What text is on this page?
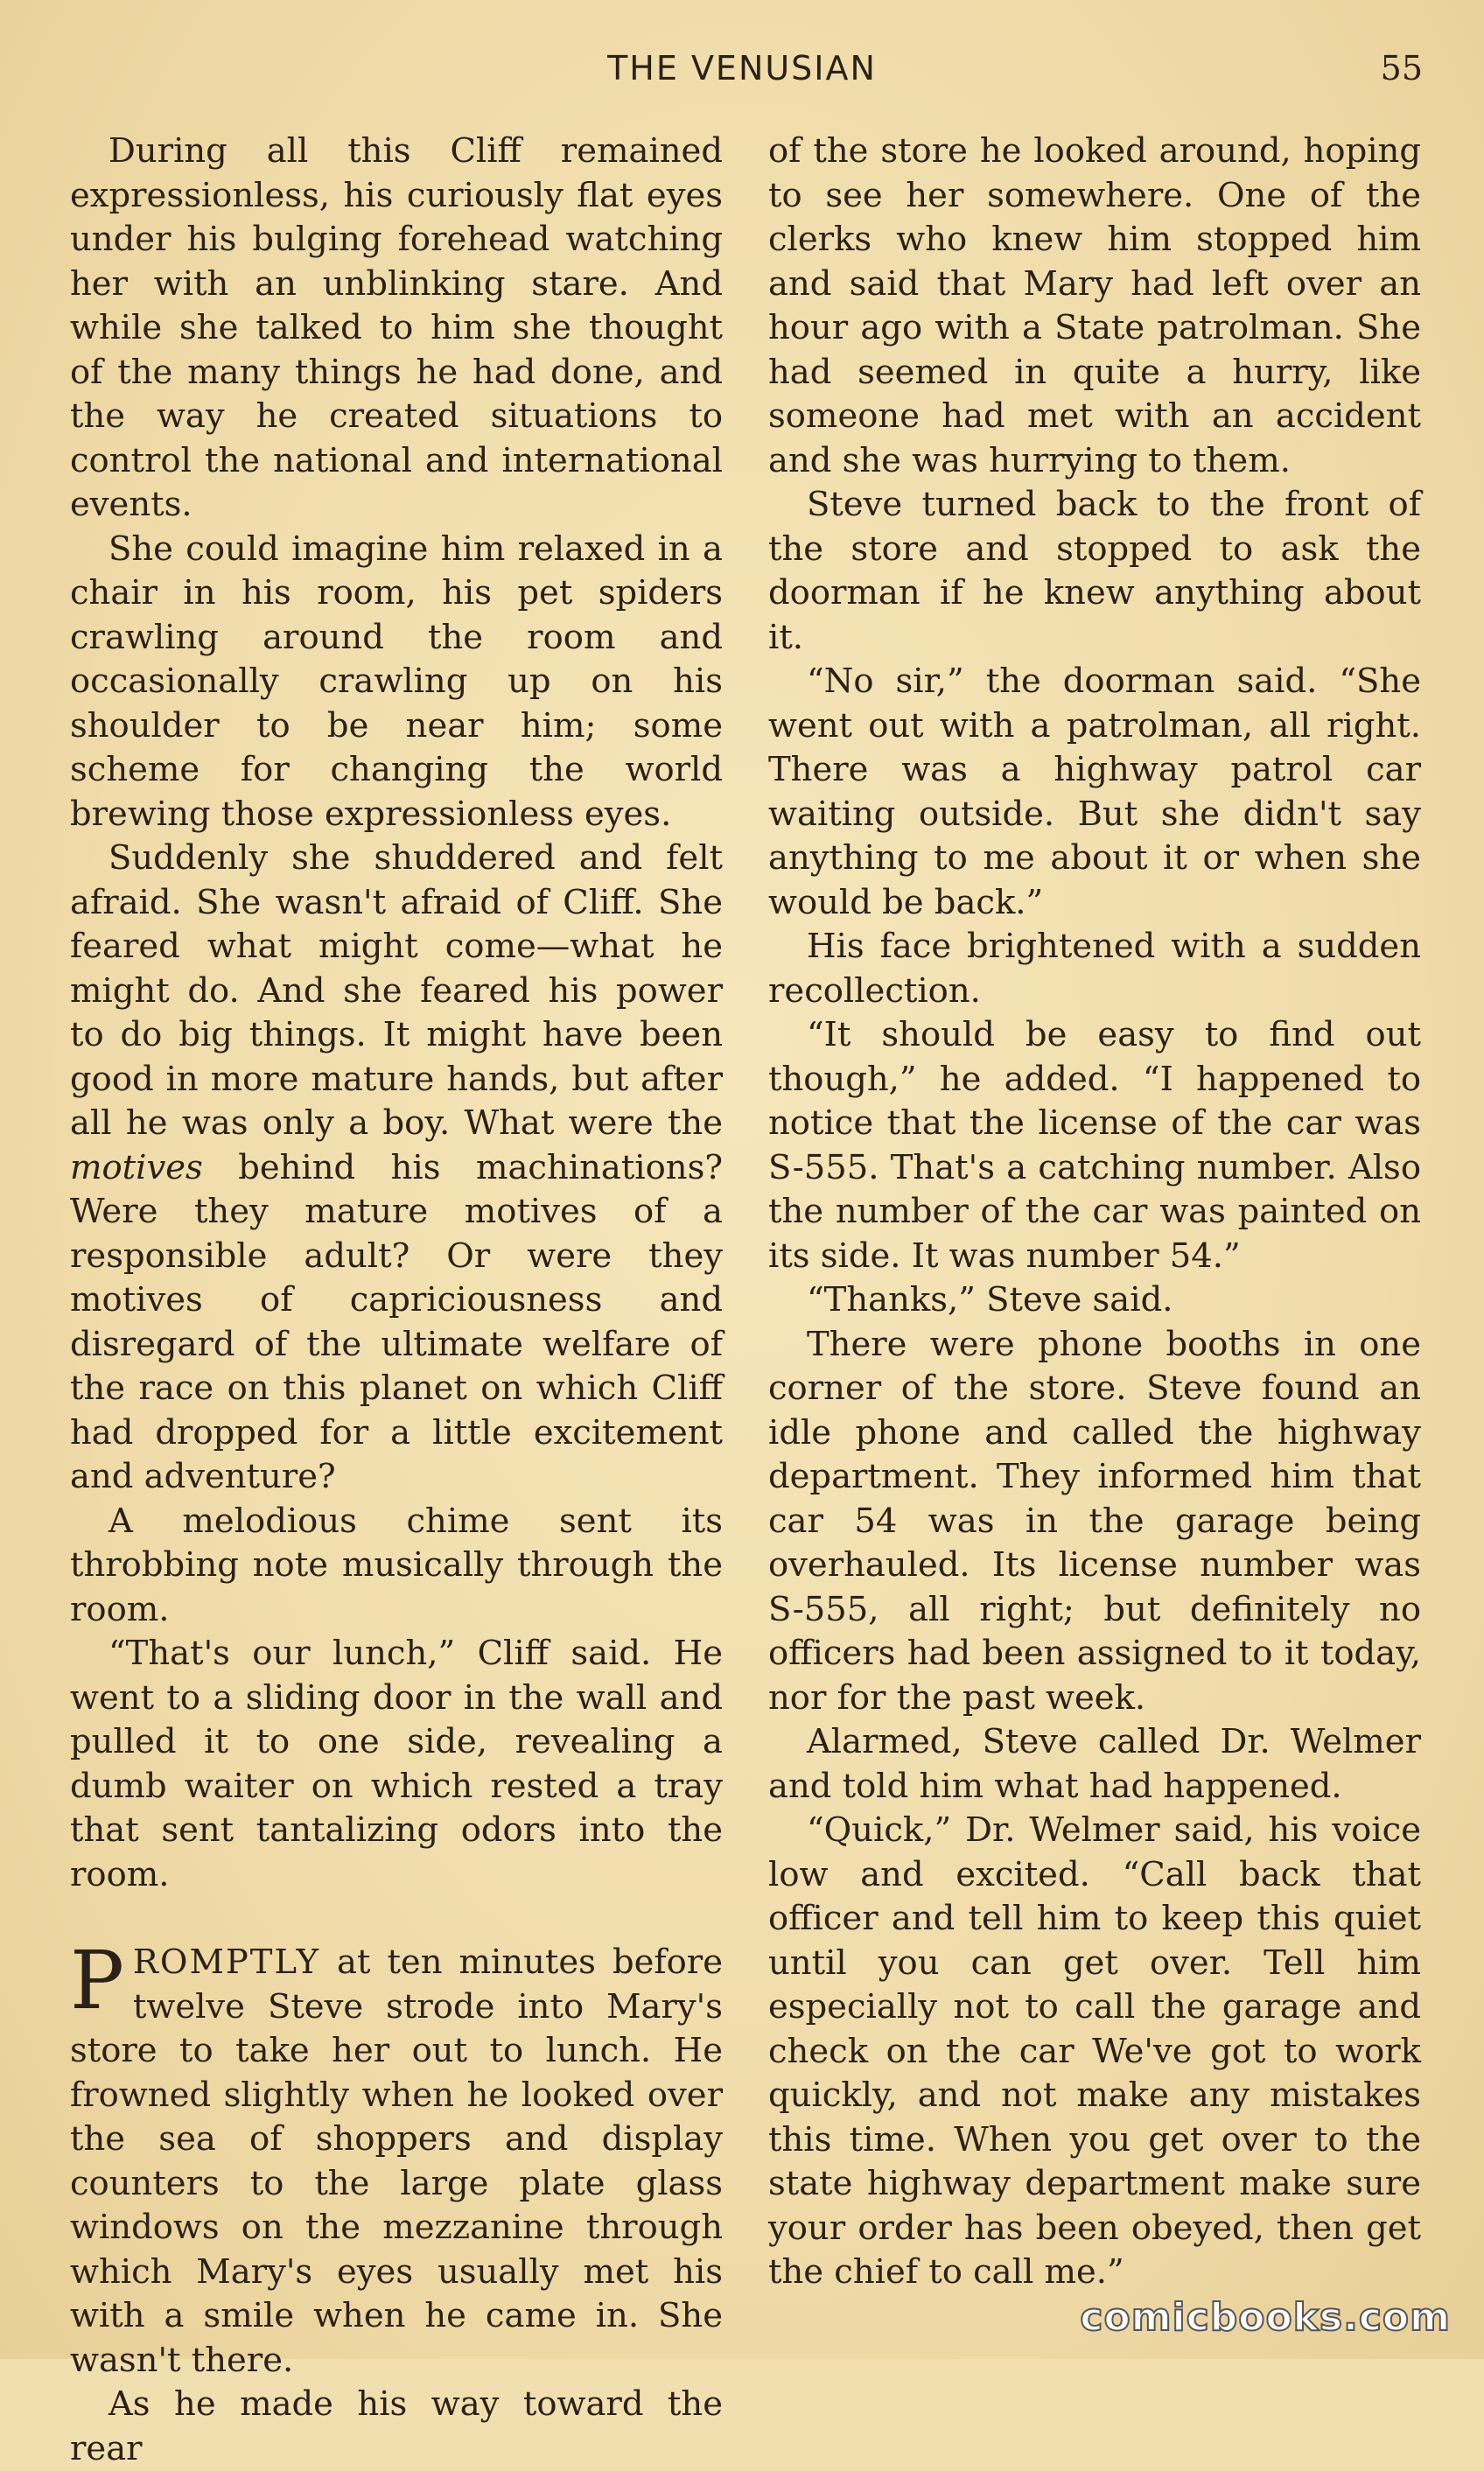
THE VENUSIAN	55

During all this Cliff remained expressionless, his curiously flat eyes under his bulging forehead watching her with an unblinking stare. And while she talked to him she thought of the many things he had done, and the way he created situations to control the national and international events.

She could imagine him relaxed in a chair in his room, his pet spiders crawling around the room and occasionally crawling up on his shoulder to be near him; some scheme for changing the world brewing those expressionless eyes.

Suddenly she shuddered and felt afraid. She wasn't afraid of Cliff. She feared what might come—what he might do. And she feared his power to do big things. It might have been good in more mature hands, but after all he was only a boy. What were the motives behind his machinations? Were they mature motives of a responsible adult? Or were they motives of capriciousness and disregard of the ultimate welfare of the race on this planet on which Cliff had dropped for a little excitement and adventure?

A melodious chime sent its throbbing note musically through the room.

“That's our lunch,” Cliff said. He went to a sliding door in the wall and pulled it to one side, revealing a dumb waiter on which rested a tray that sent tantalizing odors into the room.

PROMPTLY at ten minutes before twelve Steve strode into Mary's store to take her out to lunch. He frowned slightly when he looked over the sea of shoppers and display counters to the large plate glass windows on the mezzanine through which Mary's eyes usually met his with a smile when he came in. She wasn't there.

As he made his way toward the rear

of the store he looked around, hoping to see her somewhere. One of the clerks who knew him stopped him and said that Mary had left over an hour ago with a State patrolman. She had seemed in quite a hurry, like someone had met with an accident and she was hurrying to them.

Steve turned back to the front of the store and stopped to ask the doorman if he knew anything about it.

“No sir,” the doorman said. “She went out with a patrolman, all right. There was a highway patrol car waiting outside. But she didn't say anything to me about it or when she would be back.”

His face brightened with a sudden recollection.

“It should be easy to find out though,” he added. “I happened to notice that the license of the car was S-555. That's a catching number. Also the number of the car was painted on its side. It was number 54.”

“Thanks,” Steve said.

There were phone booths in one corner of the store. Steve found an idle phone and called the highway department. They informed him that car 54 was in the garage being overhauled. Its license number was S-555, all right; but definitely no officers had been assigned to it today, nor for the past week.

Alarmed, Steve called Dr. Welmer and told him what had happened.

“Quick,” Dr. Welmer said, his voice low and excited. “Call back that officer and tell him to keep this quiet until you can get over. Tell him especially not to call the garage and check on the car We've got to work quickly, and not make any mistakes this time. When you get over to the state highway department make sure your order has been obeyed, then get the chief to call me.”

comicbooks.com
